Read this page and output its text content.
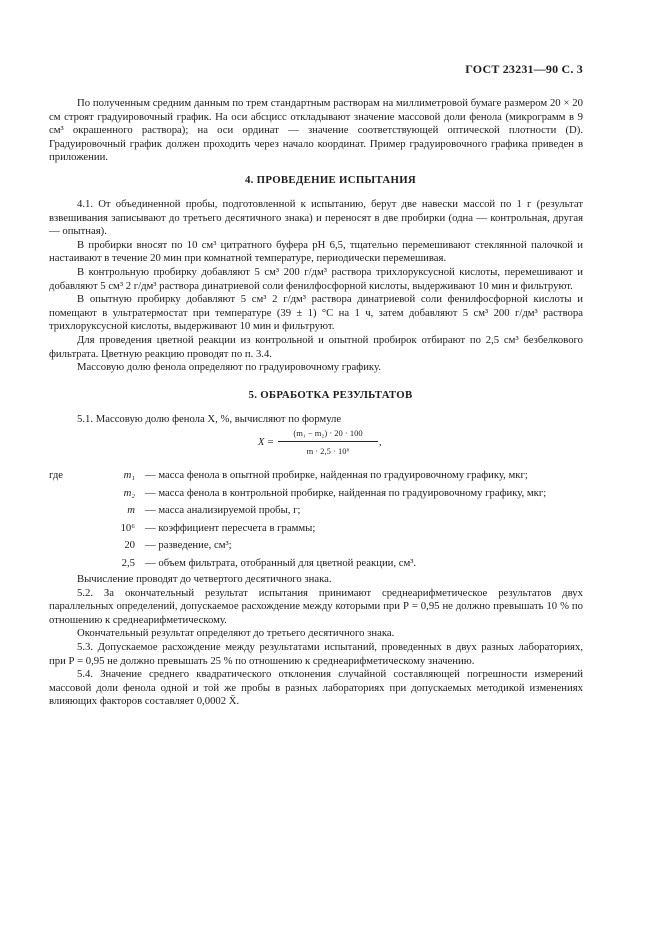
ГОСТ 23231—90 С. 3

По полученным средним данным по трем стандартным растворам на миллиметровой бумаге размером 20 × 20 см строят градуировочный график. На оси абсцисс откладывают значение массовой доли фенола (микрограмм в 9 см³ окрашенного раствора); на оси ординат — значение соответствующей оптической плотности (D). Градуировочный график должен проходить через начало координат. Пример градуировочного графика приведен в приложении.

4. ПРОВЕДЕНИЕ ИСПЫТАНИЯ

4.1. От объединенной пробы, подготовленной к испытанию, берут две навески массой по 1 г (результат взвешивания записывают до третьего десятичного знака) и переносят в две пробирки (одна — контрольная, другая — опытная).

В пробирки вносят по 10 см³ цитратного буфера рН 6,5, тщательно перемешивают стеклянной палочкой и настаивают в течение 20 мин при комнатной температуре, периодически перемешивая.

В контрольную пробирку добавляют 5 см³ 200 г/дм³ раствора трихлоруксусной кислоты, перемешивают и добавляют 5 см³ 2 г/дм³ раствора динатриевой соли фенилфосфорной кислоты, выдерживают 10 мин и фильтруют.

В опытную пробирку добавляют 5 см³ 2 г/дм³ раствора динатриевой соли фенилфосфорной кислоты и помещают в ультратермостат при температуре (39 ± 1) °С на 1 ч, затем добавляют 5 см³ 200 г/дм³ раствора трихлоруксусной кислоты, выдерживают 10 мин и фильтруют.

Для проведения цветной реакции из контрольной и опытной пробирок отбирают по 2,5 см³ безбелкового фильтрата. Цветную реакцию проводят по п. 3.4.

Массовую долю фенола определяют по градуировочному графику.

5. ОБРАБОТКА РЕЗУЛЬТАТОВ

5.1. Массовую долю фенола X, %, вычисляют по формуле

X =
(m₁ − m₂) · 20 · 100
m · 2,5 · 10⁶
,
где	m₁ — масса фенола в опытной пробирке, найденная по градуировочному графику, мкг;
m₂ — масса фенола в контрольной пробирке, найденная по градуировочному графику, мкг;
m — масса анализируемой пробы, г;
10⁶ — коэффициент пересчета в граммы;
20 — разведение, см³;
2,5 — объем фильтрата, отобранный для цветной реакции, см³.

Вычисление проводят до четвертого десятичного знака.

5.2. За окончательный результат испытания принимают среднеарифметическое результатов двух параллельных определений, допускаемое расхождение между которыми при Р = 0,95 не должно превышать 10 % по отношению к среднеарифметическому.

Окончательный результат определяют до третьего десятичного знака.

5.3. Допускаемое расхождение между результатами испытаний, проведенных в двух разных лабораториях, при Р = 0,95 не должно превышать 25 % по отношению к среднеарифметическому значению.

5.4. Значение среднего квадратического отклонения случайной составляющей погрешности измерений массовой доли фенола одной и той же пробы в разных лабораториях при допускаемых методикой изменениях влияющих факторов составляет 0,0002 X̄.
